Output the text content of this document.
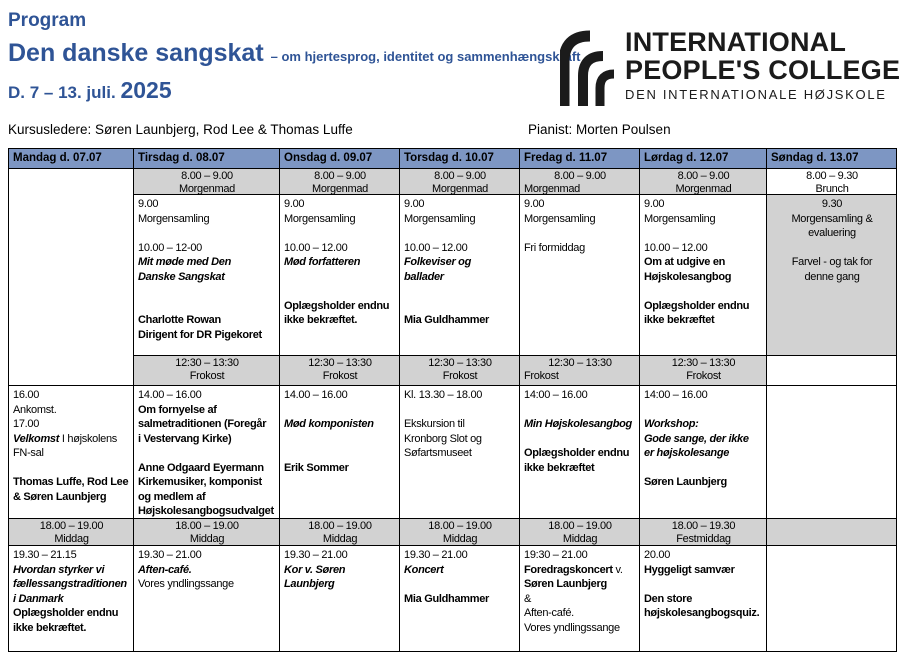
Program

Den danske sangskat – om hjertesprog, identitet og sammenhængskraft

D. 7 – 13. juli. 2025

INTERNATIONAL
PEOPLE'S COLLEGE
DEN INTERNATIONALE HØJSKOLE
Kursusledere: Søren Launbjerg, Rod Lee & Thomas Luffe	Pianist: Morten Poulsen
Mandag d. 07.07
16.00
Ankomst.
17.00
Velkomst I højskolens
FN-sal

Thomas Luffe, Rod Lee
& Søren Launbjerg
18.00 – 19.00
Middag
19.30 – 21.15
Hvordan styrker vi
fællessangstraditionen
i Danmark
Oplægsholder endnu
ikke bekræftet.
Tirsdag d. 08.07
8.00 – 9.00
Morgenmad
9.00
Morgensamling

10.00 – 12-00
Mit møde med Den
Danske Sangskat

Charlotte Rowan
Dirigent for DR Pigekoret
12:30 – 13:30
Frokost
14.00 – 16.00
Om fornyelse af
salmetraditionen (Foregår
i Vestervang Kirke)

Anne Odgaard Eyermann
Kirkemusiker, komponist
og medlem af
Højskolesangbogsudvalget
18.00 – 19.00
Middag
19.30 – 21.00
Aften-café.
Vores yndlingssange
Onsdag d. 09.07
8.00 – 9.00
Morgenmad
9.00
Morgensamling

10.00 – 12.00
Mød forfatteren

Oplægsholder endnu
ikke bekræftet.
12:30 – 13:30
Frokost
14.00 – 16.00

Mød komponisten

Erik Sommer
18.00 – 19.00
Middag
19.30 – 21.00
Kor v. Søren
Launbjerg
Torsdag d. 10.07
8.00 – 9.00
Morgenmad
9.00
Morgensamling

10.00 – 12.00
Folkeviser og
ballader

Mia Guldhammer
12:30 – 13:30
Frokost
Kl. 13.30 – 18.00

Ekskursion til
Kronborg Slot og
Søfartsmuseet
18.00 – 19.00
Middag
19.30 – 21.00
Koncert

Mia Guldhammer
Fredag d. 11.07
8.00 – 9.00
Morgenmad
9.00
Morgensamling

Fri formiddag
12:30 – 13:30
Frokost
14:00 – 16.00

Min Højskolesangbog

Oplægsholder endnu
ikke bekræftet
18.00 – 19.00
Middag
19:30 – 21.00
Foredragskoncert v.
Søren Launbjerg
&
Aften-café.
Vores yndlingssange
Lørdag d. 12.07
8.00 – 9.00
Morgenmad
9.00
Morgensamling

10.00 – 12.00
Om at udgive en
Højskolesangbog

Oplægsholder endnu
ikke bekræftet
12:30 – 13:30
Frokost
14:00 – 16.00

Workshop:
Gode sange, der ikke
er højskolesange

Søren Launbjerg
18.00 – 19.30
Festmiddag
20.00
Hyggeligt samvær

Den store
højskolesangbogsquiz.
Søndag d. 13.07
8.00 – 9.30
Brunch
9.30
Morgensamling &
evaluering

Farvel - og tak for
denne gang
